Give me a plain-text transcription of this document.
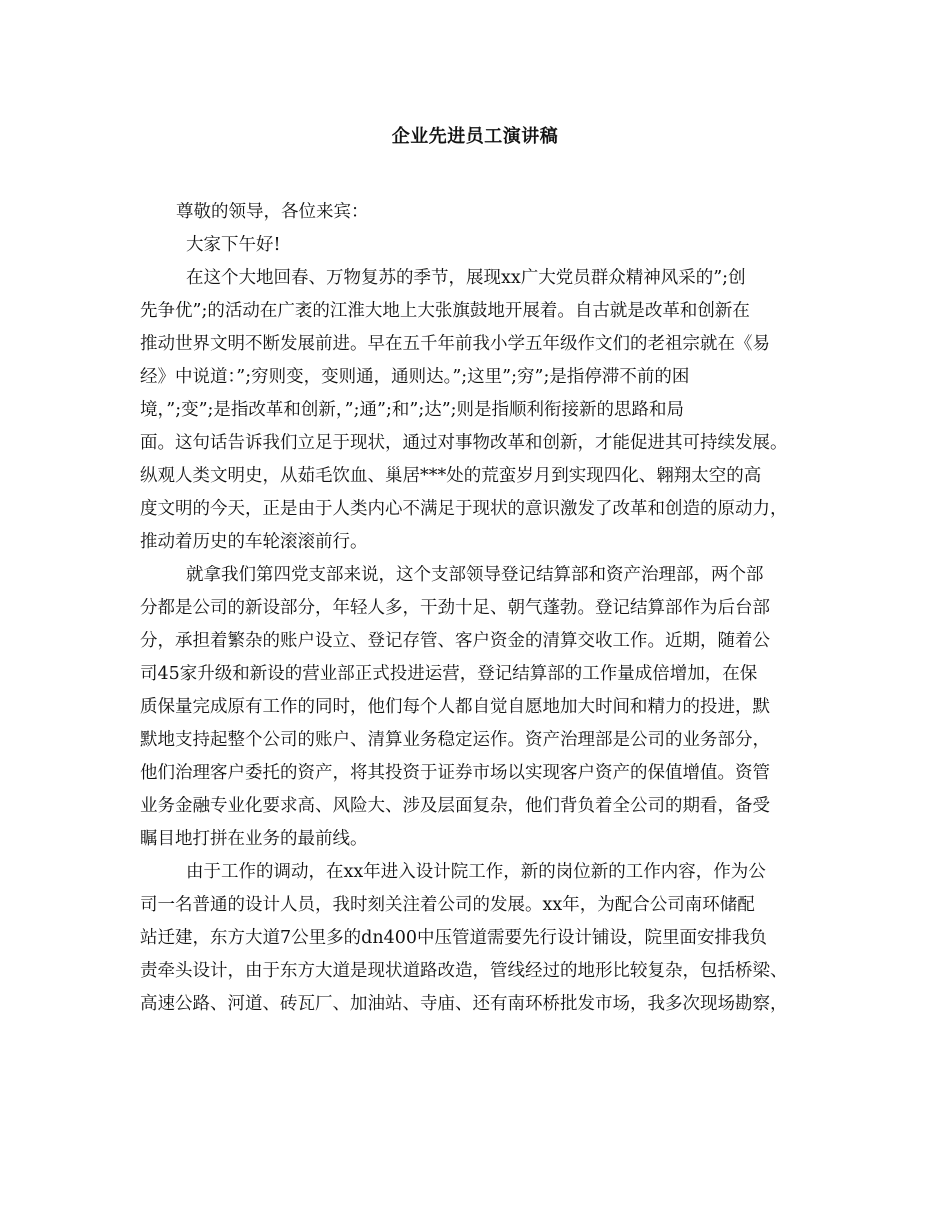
企业先进员工演讲稿
尊敬的领导，各位来宾：
大家下午好!
在这个大地回春、万物复苏的季节，展现xx广大党员群众精神风采的”;创
先争优”;的活动在广袤的江淮大地上大张旗鼓地开展着。自古就是改革和创新在
推动世界文明不断发展前进。早在五千年前我小学五年级作文们的老祖宗就在《易
经》中说道：”;穷则变，变则通，通则达。”;这里”;穷”;是指停滞不前的困
境，”;变”;是指改革和创新，”;通”;和”;达”;则是指顺利衔接新的思路和局
面。这句话告诉我们立足于现状，通过对事物改革和创新，才能促进其可持续发展。
纵观人类文明史，从茹毛饮血、巢居***处的荒蛮岁月到实现四化、翱翔太空的高
度文明的今天，正是由于人类内心不满足于现状的意识激发了改革和创造的原动力，
推动着历史的车轮滚滚前行。
就拿我们第四党支部来说，这个支部领导登记结算部和资产治理部，两个部
分都是公司的新设部分，年轻人多，干劲十足、朝气蓬勃。登记结算部作为后台部
分，承担着繁杂的账户设立、登记存管、客户资金的清算交收工作。近期，随着公
司45家升级和新设的营业部正式投进运营，登记结算部的工作量成倍增加，在保
质保量完成原有工作的同时，他们每个人都自觉自愿地加大时间和精力的投进，默
默地支持起整个公司的账户、清算业务稳定运作。资产治理部是公司的业务部分，
他们治理客户委托的资产，将其投资于证券市场以实现客户资产的保值增值。资管
业务金融专业化要求高、风险大、涉及层面复杂，他们背负着全公司的期看，备受
瞩目地打拼在业务的最前线。
由于工作的调动，在xx年进入设计院工作，新的岗位新的工作内容，作为公
司一名普通的设计人员，我时刻关注着公司的发展。xx年，为配合公司南环储配
站迁建，东方大道7公里多的dn400中压管道需要先行设计铺设，院里面安排我负
责牵头设计，由于东方大道是现状道路改造，管线经过的地形比较复杂，包括桥梁、
高速公路、河道、砖瓦厂、加油站、寺庙、还有南环桥批发市场，我多次现场勘察，
